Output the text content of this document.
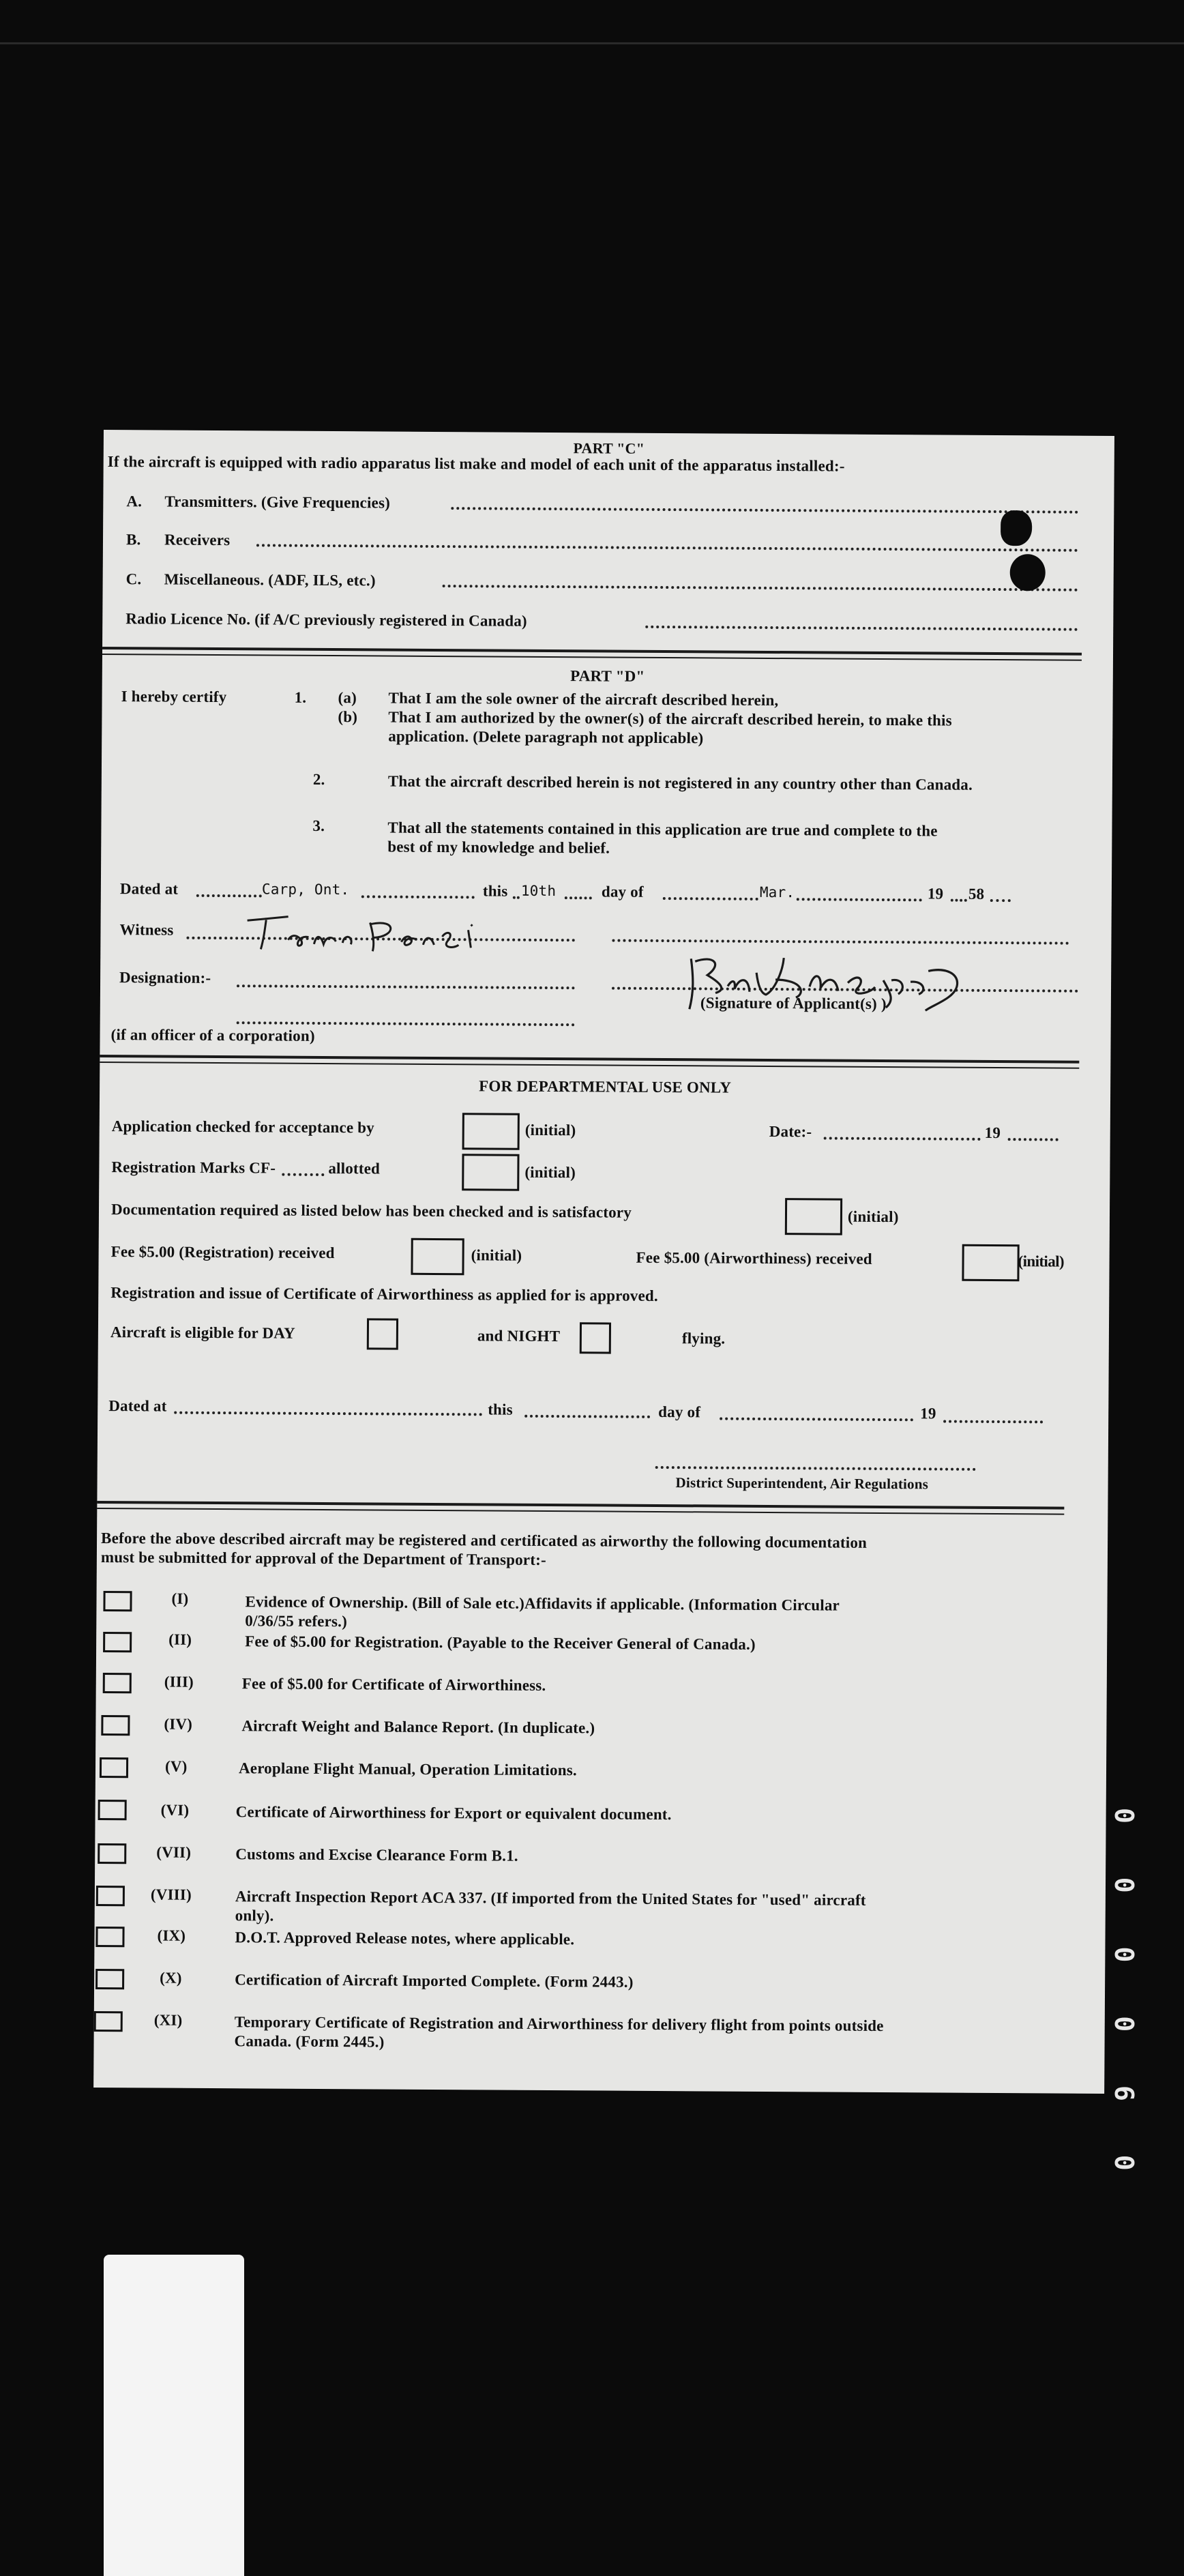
PART "C"
If the aircraft is equipped with radio apparatus list make and model of each unit of the apparatus installed:-
A. Transmitters. (Give Frequencies)
B. Receivers
C. Miscellaneous. (ADF, ILS, etc.)
Radio Licence No. (if A/C previously registered in Canada)
PART "D"
I hereby certify	1. (a) That I am the sole owner of the aircraft described herein,
(b) That I am authorized by the owner(s) of the aircraft described herein, to make this
application. (Delete paragraph not applicable)
2.	That the aircraft described herein is not registered in any country other than Canada.
3.	That all the statements contained in this application are true and complete to the
best of my knowledge and belief.
Dated at	Carp, Ont.	this 10th	day of	Mar.	19 58
Witness
Designation:-
(Signature of Applicant(s) )
(if an officer of a corporation)
FOR DEPARTMENTAL USE ONLY
Application checked for acceptance by	(initial)	Date:-	19
Registration Marks CF-	allotted	(initial)
Documentation required as listed below has been checked and is satisfactory	(initial)
Fee $5.00 (Registration) received	(initial)	Fee $5.00 (Airworthiness) received	(initial)
Registration and issue of Certificate of Airworthiness as applied for is approved.
Aircraft is eligible for DAY	and NIGHT	flying.
Dated at	this	day of	19
District Superintendent, Air Regulations
Before the above described aircraft may be registered and certificated as airworthy the following documentation
must be submitted for approval of the Department of Transport:-
(I)	Evidence of Ownership. (Bill of Sale etc.)Affidavits if applicable. (Information Circular
0/36/55 refers.)
(II)	Fee of $5.00 for Registration. (Payable to the Receiver General of Canada.)
(III)	Fee of $5.00 for Certificate of Airworthiness.
(IV)	Aircraft Weight and Balance Report. (In duplicate.)
(V)	Aeroplane Flight Manual, Operation Limitations.
(VI)	Certificate of Airworthiness for Export or equivalent document.
(VII)	Customs and Excise Clearance Form B.1.
(VIII)	Aircraft Inspection Report ACA 337. (If imported from the United States for "used" aircraft
only).
(IX)	D.O.T. Approved Release notes, where applicable.
(X)	Certification of Aircraft Imported Complete. (Form 2443.)
(XI)	Temporary Certificate of Registration and Airworthiness for delivery flight from points outside
Canada. (Form 2445.)	0 0 0 0 6 0
